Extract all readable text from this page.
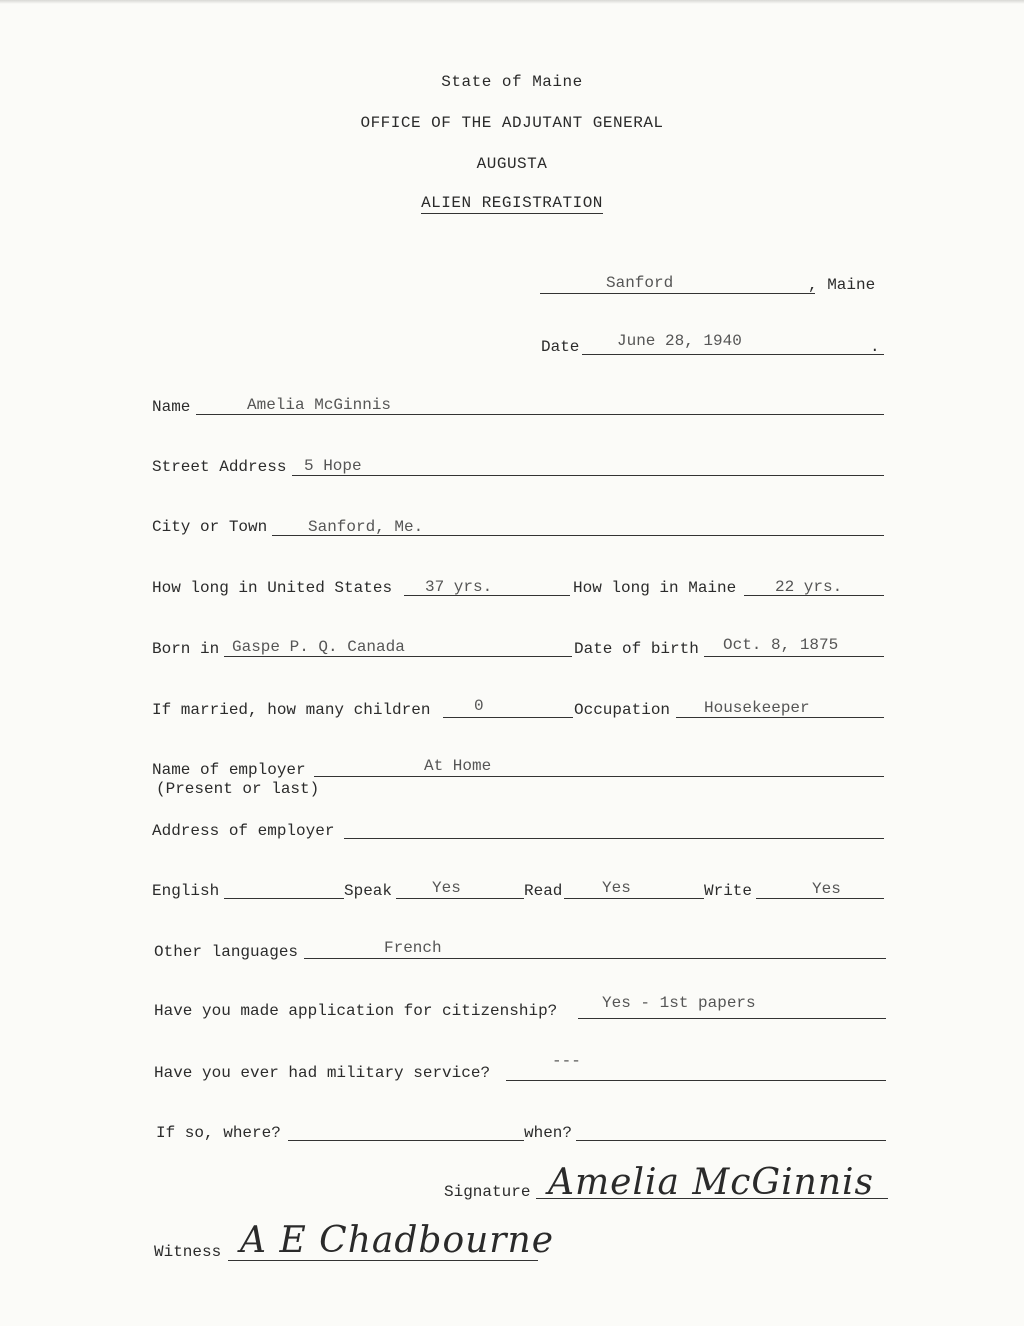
State of Maine
OFFICE OF THE ADJUTANT GENERAL
AUGUSTA
ALIEN REGISTRATION
Sanford	, Maine
Date June 28, 1940	.
Name	Amelia McGinnis
Street Address 5 Hope
City or Town	Sanford, Me.
How long in United States 37 yrs.	How long in Maine 22 yrs.
Born in Gaspe P. Q. Canada	Date of birth Oct. 8, 1875
If married, how many children	0	Occupation Housekeeper
Name of employer	At Home
(Present or last)
Address of employer
English	Speak Yes	Read Yes	Write	Yes
Other languages	French
Have you made application for citizenship?	Yes - 1st papers
Have you ever had military service?
---
If so, where?	when?
Signature Amelia McGinnis
Witness A E Chadbourne
